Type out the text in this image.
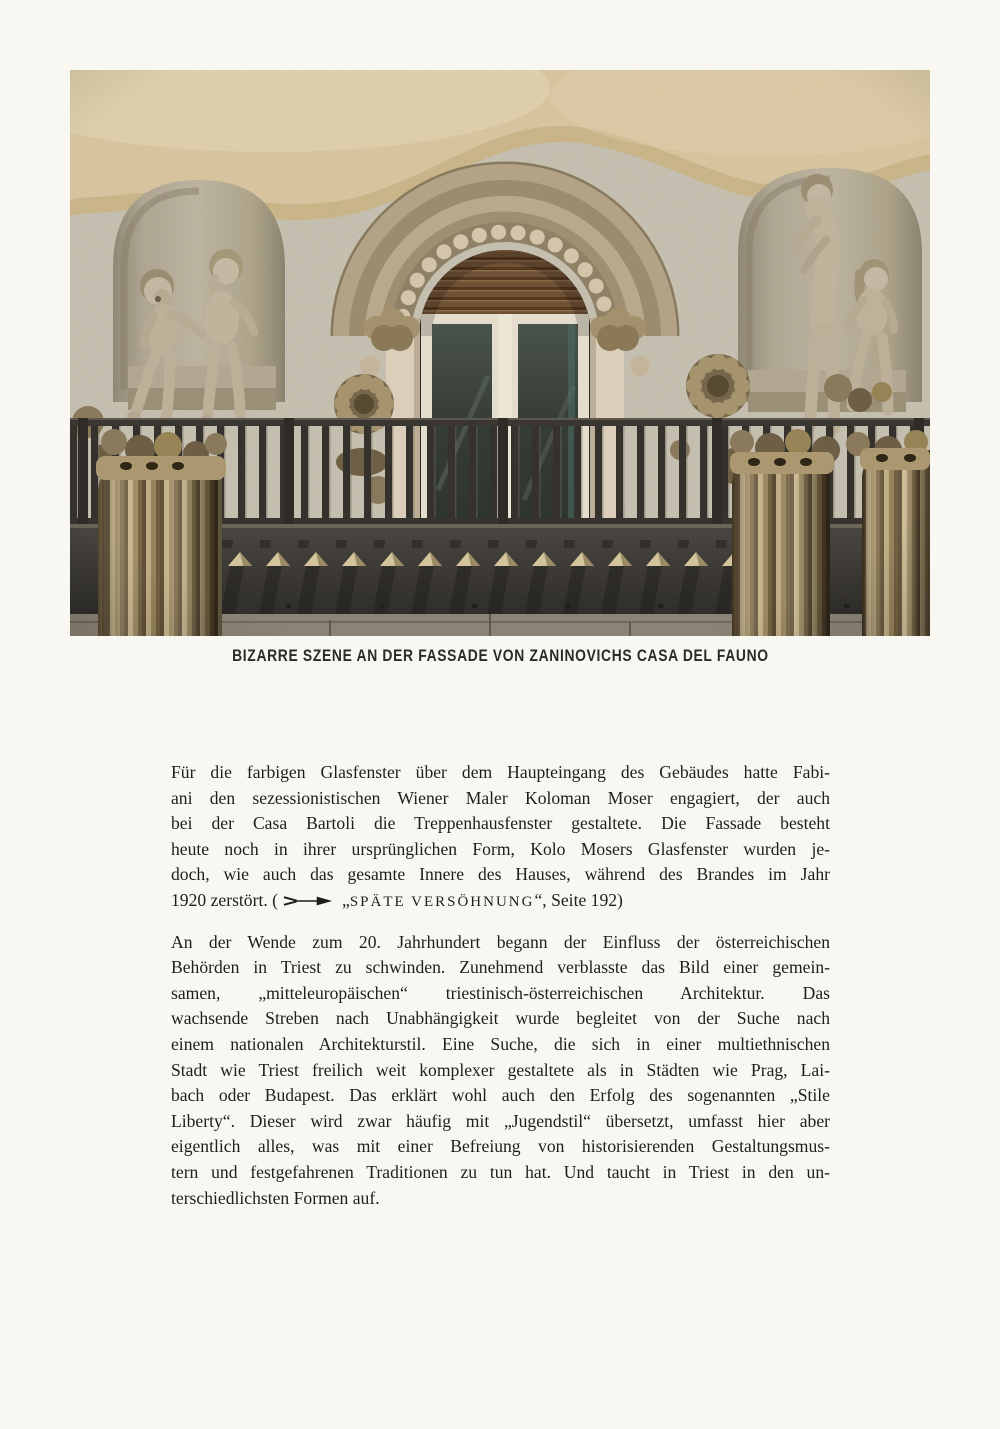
BIZARRE SZENE AN DER FASSADE VON ZANINOVICHS CASA DEL FAUNO
Für die farbigen Glasfenster über dem Haupteingang des Gebäudes hatte Fabi-
ani den sezessionistischen Wiener Maler Koloman Moser engagiert, der auch
bei der Casa Bartoli die Treppenhausfenster gestaltete. Die Fassade besteht
heute noch in ihrer ursprünglichen Form, Kolo Mosers Glasfenster wurden je-
doch, wie auch das gesamte Innere des Hauses, während des Brandes im Jahr
1920 zerstört. (	„SPÄTE VERSÖHNUNG“, Seite 192)
An der Wende zum 20. Jahrhundert begann der Einfluss der österreichischen
Behörden in Triest zu schwinden. Zunehmend verblasste das Bild einer gemein-
samen, „mitteleuropäischen“ triestinisch-österreichischen Architektur. Das
wachsende Streben nach Unabhängigkeit wurde begleitet von der Suche nach
einem nationalen Architekturstil. Eine Suche, die sich in einer multiethnischen
Stadt wie Triest freilich weit komplexer gestaltete als in Städten wie Prag, Lai-
bach oder Budapest. Das erklärt wohl auch den Erfolg des sogenannten „Stile
Liberty“. Dieser wird zwar häufig mit „Jugendstil“ übersetzt, umfasst hier aber
eigentlich alles, was mit einer Befreiung von historisierenden Gestaltungsmus-
tern und festgefahrenen Traditionen zu tun hat. Und taucht in Triest in den un-
terschiedlichsten Formen auf.
